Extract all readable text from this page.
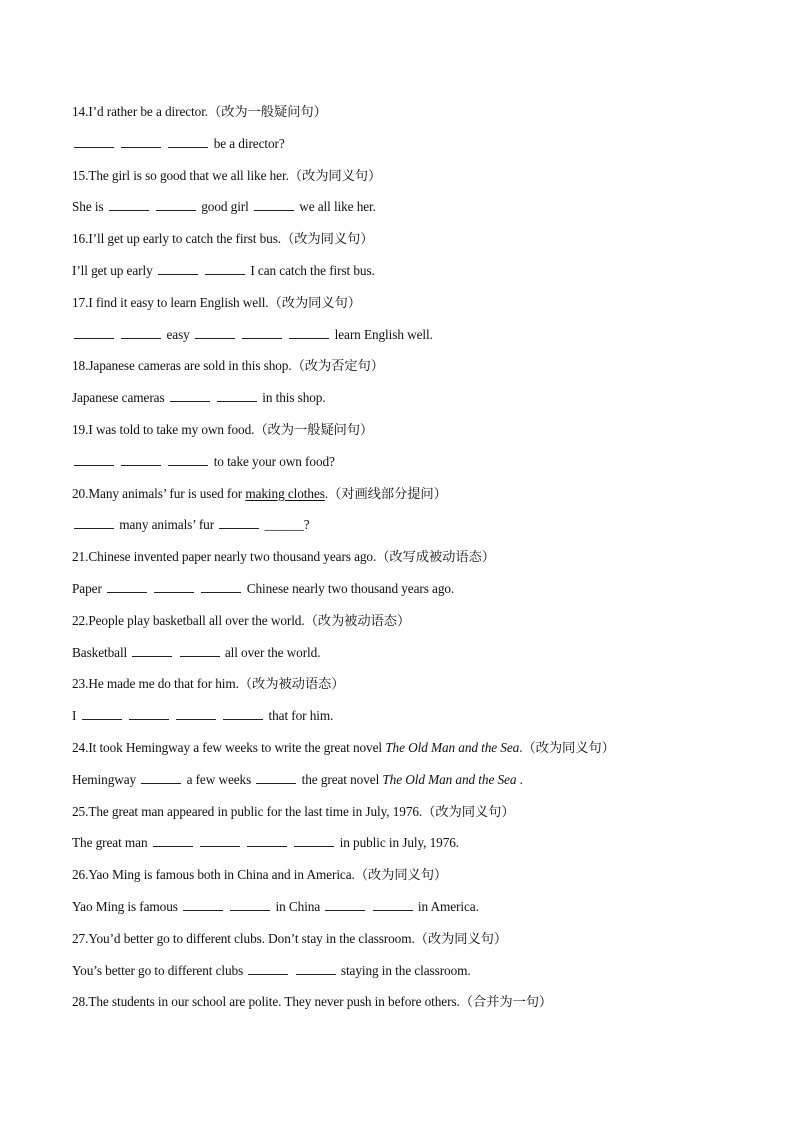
14.I’d rather be a director.（改为一般疑问句）
be a director?
15.The girl is so good that we all like her.（改为同义句）
She is	good girl	we all like her.
16.I’ll get up early to catch the first bus.（改为同义句）
I’ll get up early	I can catch the first bus.
17.I find it easy to learn English well.（改为同义句）
easy	learn English well.
18.Japanese cameras are sold in this shop.（改为否定句）
Japanese cameras	in this shop.
19.I was told to take my own food.（改为一般疑问句）
to take your own food?
20.Many animals’ fur is used for making clothes.（对画线部分提问）
many animals’ fur	______?
21.Chinese invented paper nearly two thousand years ago.（改写成被动语态）
Paper	Chinese nearly two thousand years ago.
22.People play basketball all over the world.（改为被动语态）
Basketball	all over the world.
23.He made me do that for him.（改为被动语态）
I	that for him.
24.It took Hemingway a few weeks to write the great novel The Old Man and the Sea.（改为同义句）
Hemingway	a few weeks	the great novel The Old Man and the Sea .
25.The great man appeared in public for the last time in July, 1976.（改为同义句）
The great man	in public in July, 1976.
26.Yao Ming is famous both in China and in America.（改为同义句）
Yao Ming is famous	in China	in America.
27.You’d better go to different clubs. Don’t stay in the classroom.（改为同义句）
You’s better go to different clubs	staying in the classroom.
28.The students in our school are polite. They never push in before others.（合并为一句）
